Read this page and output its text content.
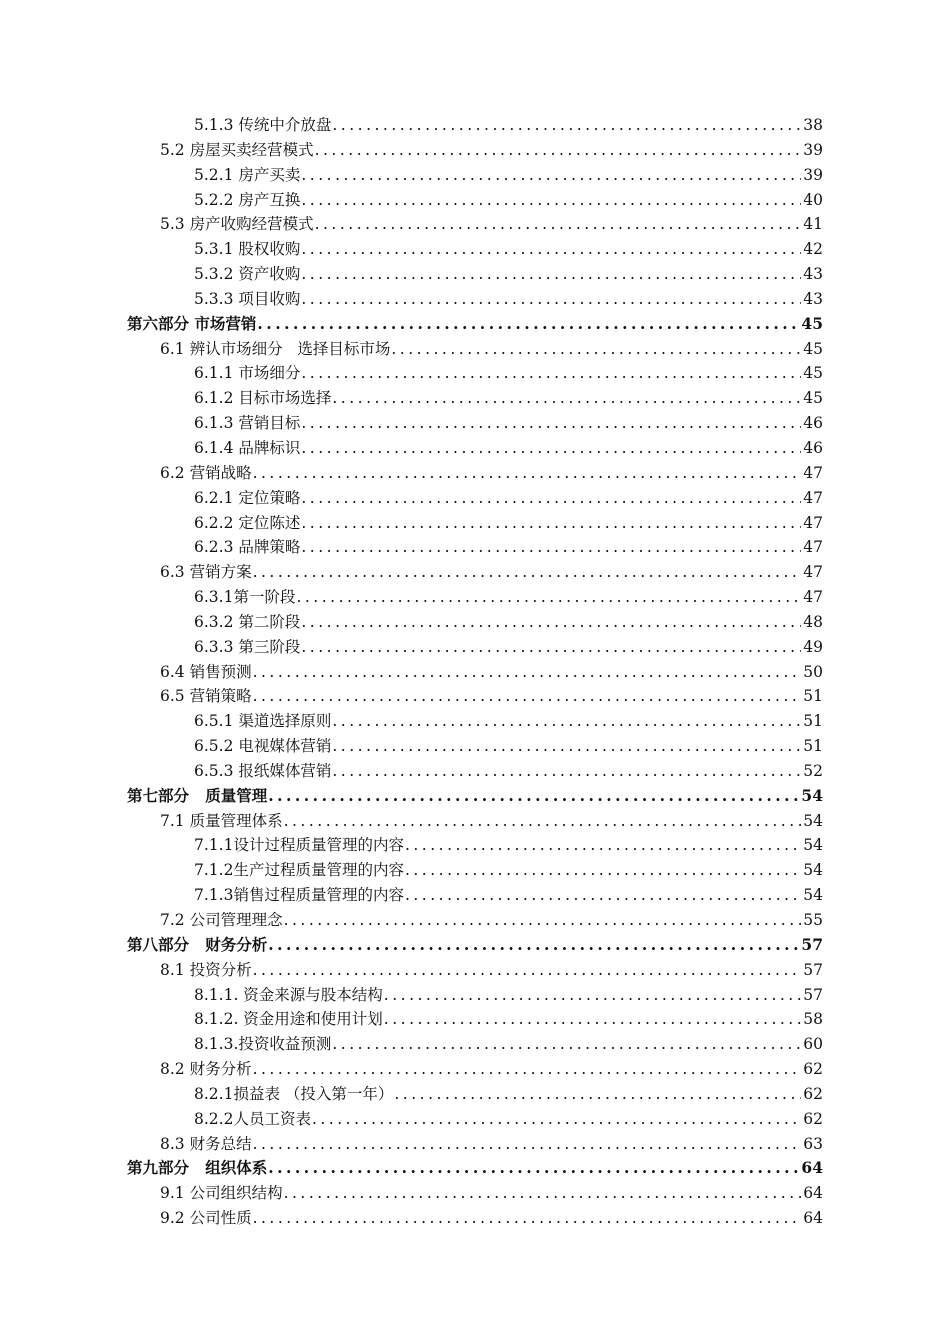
5.1.3 传统中介放盘 .....	38
5.2 房屋买卖经营模式 .....	39
5.2.1 房产买卖 .....	39
5.2.2 房产互换 .....	40
5.3 房产收购经营模式 .....	41
5.3.1 股权收购 .....	42
5.3.2 资产收购 .....	43
5.3.3 项目收购 .....	43
第六部分 市场营销 .....	45
6.1 辨认市场细分   选择目标市场 .....	45
6.1.1 市场细分 .....	45
6.1.2 目标市场选择 .....	45
6.1.3 营销目标 .....	46
6.1.4 品牌标识 .....	46
6.2 营销战略 .....	47
6.2.1 定位策略 .....	47
6.2.2 定位陈述 .....	47
6.2.3 品牌策略 .....	47
6.3 营销方案 .....	47
6.3.1第一阶段 .....	47
6.3.2 第二阶段 .....	48
6.3.3 第三阶段 .....	49
6.4 销售预测 .....	50
6.5 营销策略 .....	51
6.5.1 渠道选择原则 .....	51
6.5.2 电视媒体营销 .....	51
6.5.3 报纸媒体营销 .....	52
第七部分   质量管理 .....	54
7.1 质量管理体系 .....	54
7.1.1设计过程质量管理的内容 .....	54
7.1.2生产过程质量管理的内容 .....	54
7.1.3销售过程质量管理的内容 .....	54
7.2 公司管理理念 .....	55
第八部分   财务分析 .....	57
8.1 投资分析 .....	57
8.1.1. 资金来源与股本结构 .....	57
8.1.2. 资金用途和使用计划 .....	58
8.1.3.投资收益预测 .....	60
8.2 财务分析 .....	62
8.2.1损益表 （投入第一年） .....	62
8.2.2人员工资表 .....	62
8.3 财务总结 .....	63
第九部分   组织体系 .....	64
9.1 公司组织结构 .....	64
9.2 公司性质 .....	64
